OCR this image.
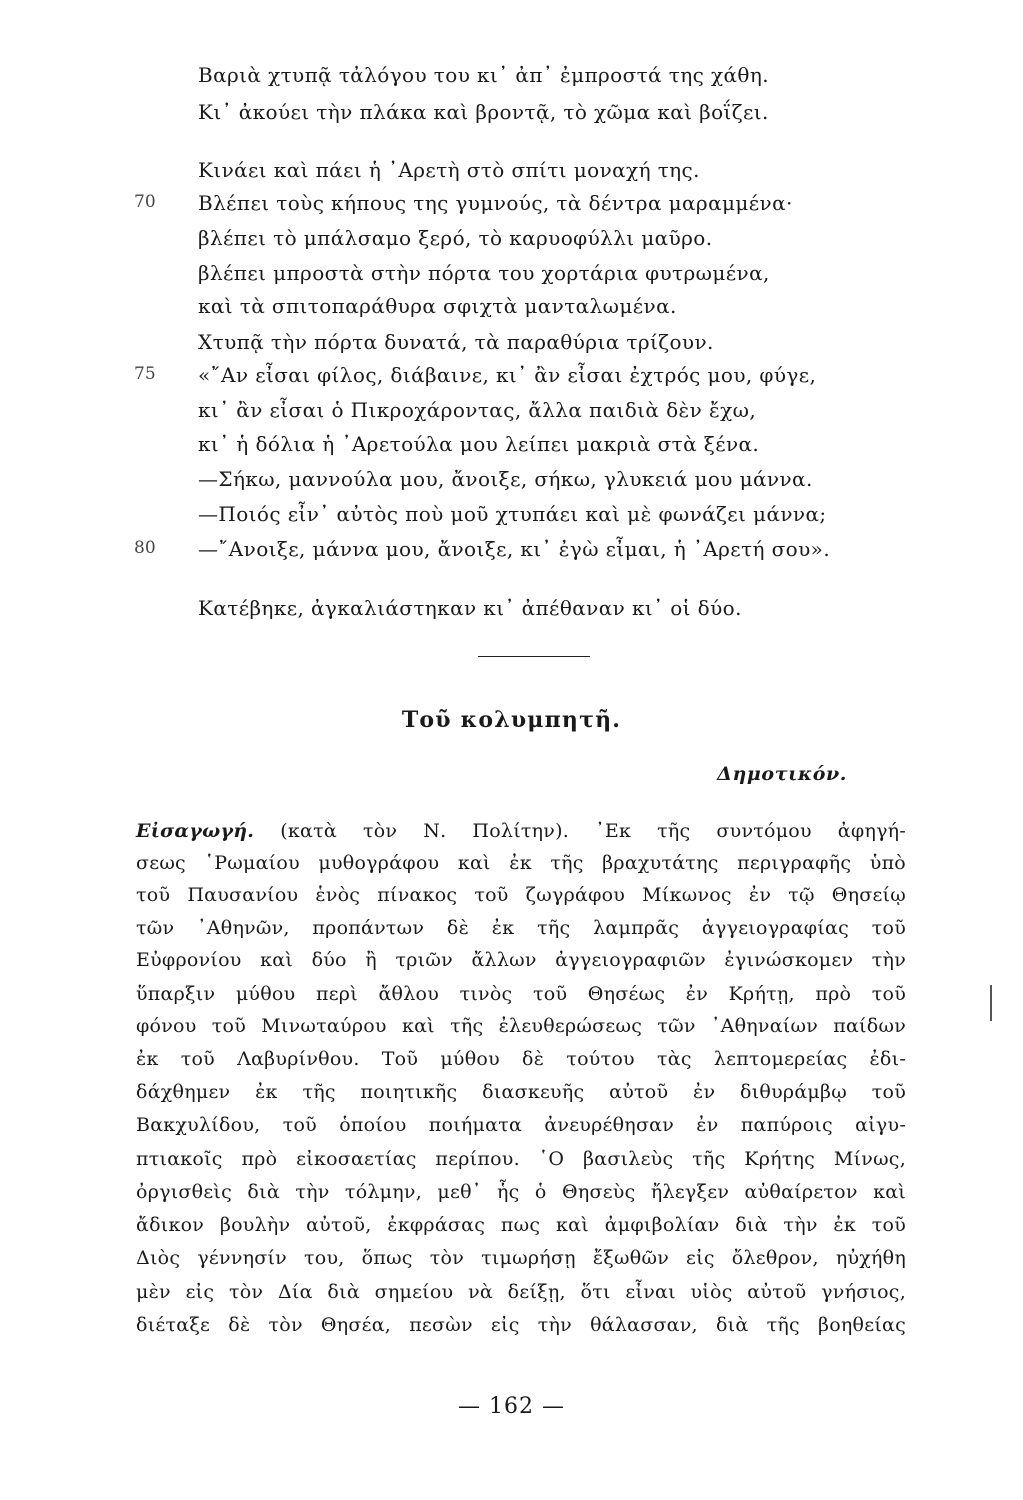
Βαριὰ χτυπᾷ τἀλόγου του κι᾿ ἀπ᾿ ἐμπροστά της χάθη.
Κι᾿ ἀκούει τὴν πλάκα καὶ βροντᾷ, τὸ χῶμα καὶ βοΐζει.
Κινάει καὶ πάει ἡ ᾿Αρετὴ στὸ σπίτι μοναχή της.
70 Βλέπει τοὺς κήπους της γυμνούς, τὰ δέντρα μαραμμένα·
βλέπει τὸ μπάλσαμο ξερό, τὸ καρυοφύλλι μαῦρο.
βλέπει μπροστὰ στὴν πόρτα του χορτάρια φυτρωμένα,
καὶ τὰ σπιτοπαράθυρα σφιχτὰ μανταλωμένα.
Χτυπᾷ τὴν πόρτα δυνατά, τὰ παραθύρια τρίζουν.
75 «῎Αν εἶσαι φίλος, διάβαινε, κι᾿ ἂν εἶσαι ἐχτρός μου, φύγε,
κι᾿ ἂν εἶσαι ὁ Πικροχάροντας, ἄλλα παιδιὰ δὲν ἔχω,
κι᾿ ἡ δόλια ἡ ᾿Αρετούλα μου λείπει μακριὰ στὰ ξένα.
—Σήκω, μαννούλα μου, ἄνοιξε, σήκω, γλυκειά μου μάννα.
—Ποιός εἶν᾿ αὐτὸς ποὺ μοῦ χτυπάει καὶ μὲ φωνάζει μάννα;
80 —῎Ανοιξε, μάννα μου, ἄνοιξε, κι᾿ ἐγὼ εἶμαι, ἡ ᾿Αρετή σου».
Κατέβηκε, ἀγκαλιάστηκαν κι᾿ ἀπέθαναν κι᾿ οἱ δύο.
Τοῦ κολυμπητῆ.
Δημοτικόν.
Εἰσαγωγή. (κατὰ τὸν Ν. Πολίτην). ᾿Εκ τῆς συντόμου ἀφηγή-
σεως ῾Ρωμαίου μυθογράφου καὶ ἐκ τῆς βραχυτάτης περιγραφῆς ὑπὸ
τοῦ Παυσανίου ἑνὸς πίνακος τοῦ ζωγράφου Μίκωνος ἐν τῷ Θησείῳ
τῶν ᾿Αθηνῶν, προπάντων δὲ ἐκ τῆς λαμπρᾶς ἀγγειογραφίας τοῦ
Εὐφρονίου καὶ δύο ἢ τριῶν ἄλλων ἀγγειογραφιῶν ἐγινώσκομεν τὴν
ὕπαρξιν μύθου περὶ ἄθλου τινὸς τοῦ Θησέως ἐν Κρήτῃ, πρὸ τοῦ
φόνου τοῦ Μινωταύρου καὶ τῆς ἐλευθερώσεως τῶν ᾿Αθηναίων παίδων
ἐκ τοῦ Λαβυρίνθου. Τοῦ μύθου δὲ τούτου τὰς λεπτομερείας ἐδι-
δάχθημεν ἐκ τῆς ποιητικῆς διασκευῆς αὐτοῦ ἐν διθυράμβῳ τοῦ
Βακχυλίδου, τοῦ ὁποίου ποιήματα ἀνευρέθησαν ἐν παπύροις αἰγυ-
πτιακοῖς πρὸ εἰκοσαετίας περίπου. ῾Ο βασιλεὺς τῆς Κρήτης Μίνως,
ὀργισθεὶς διὰ τὴν τόλμην, μεθ᾿ ἧς ὁ Θησεὺς ἤλεγξεν αὐθαίρετον καὶ
ἄδικον βουλὴν αὐτοῦ, ἐκφράσας πως καὶ ἀμφιβολίαν διὰ τὴν ἐκ τοῦ
Διὸς γέννησίν του, ὅπως τὸν τιμωρήσῃ ἔξωθῶν εἰς ὄλεθρον, ηὐχήθη
μὲν εἰς τὸν Δία διὰ σημείου νὰ δείξῃ, ὅτι εἶναι υἱὸς αὐτοῦ γνήσιος,
διέταξε δὲ τὸν Θησέα, πεσὼν εἰς τὴν θάλασσαν, διὰ τῆς βοηθείας
— 162 —
